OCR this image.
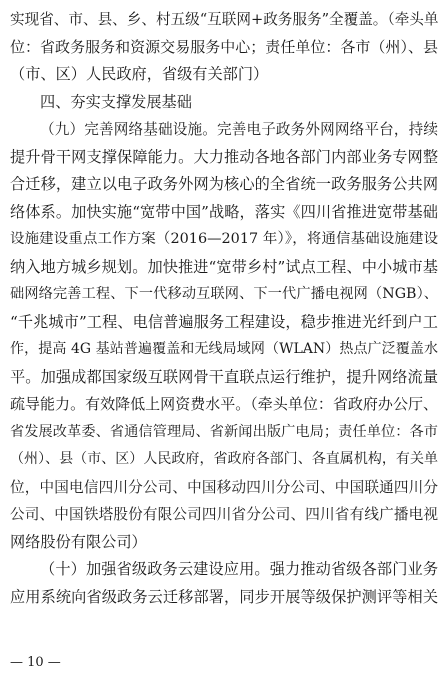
实现省、市、县、乡、村五级“互联网+政务服务”全覆盖。（牵头单
位：省政务服务和资源交易服务中心；责任单位：各市（州）、县
（市、区）人民政府，省级有关部门）
四、夯实支撑发展基础
（九）完善网络基础设施。完善电子政务外网网络平台，持续
提升骨干网支撑保障能力。大力推动各地各部门内部业务专网整
合迁移，建立以电子政务外网为核心的全省统一政务服务公共网
络体系。加快实施“宽带中国”战略，落实《四川省推进宽带基础
设施建设重点工作方案（2016—2017 年）》，将通信基础设施建设
纳入地方城乡规划。加快推进“宽带乡村”试点工程、中小城市基
础网络完善工程、下一代移动互联网、下一代广播电视网（NGB）、
“千兆城市”工程、电信普遍服务工程建设，稳步推进光纤到户工
作，提高 4G 基站普遍覆盖和无线局域网（WLAN）热点广泛覆盖水
平。加强成都国家级互联网骨干直联点运行维护，提升网络流量
疏导能力。有效降低上网资费水平。（牵头单位：省政府办公厅、
省发展改革委、省通信管理局、省新闻出版广电局；责任单位：各市
（州）、县（市、区）人民政府，省政府各部门、各直属机构，有关单
位，中国电信四川分公司、中国移动四川分公司、中国联通四川分
公司、中国铁塔股份有限公司四川省分公司、四川省有线广播电视
网络股份有限公司）
（十）加强省级政务云建设应用。强力推动省级各部门业务
应用系统向省级政务云迁移部署，同步开展等级保护测评等相关
— 10 —
